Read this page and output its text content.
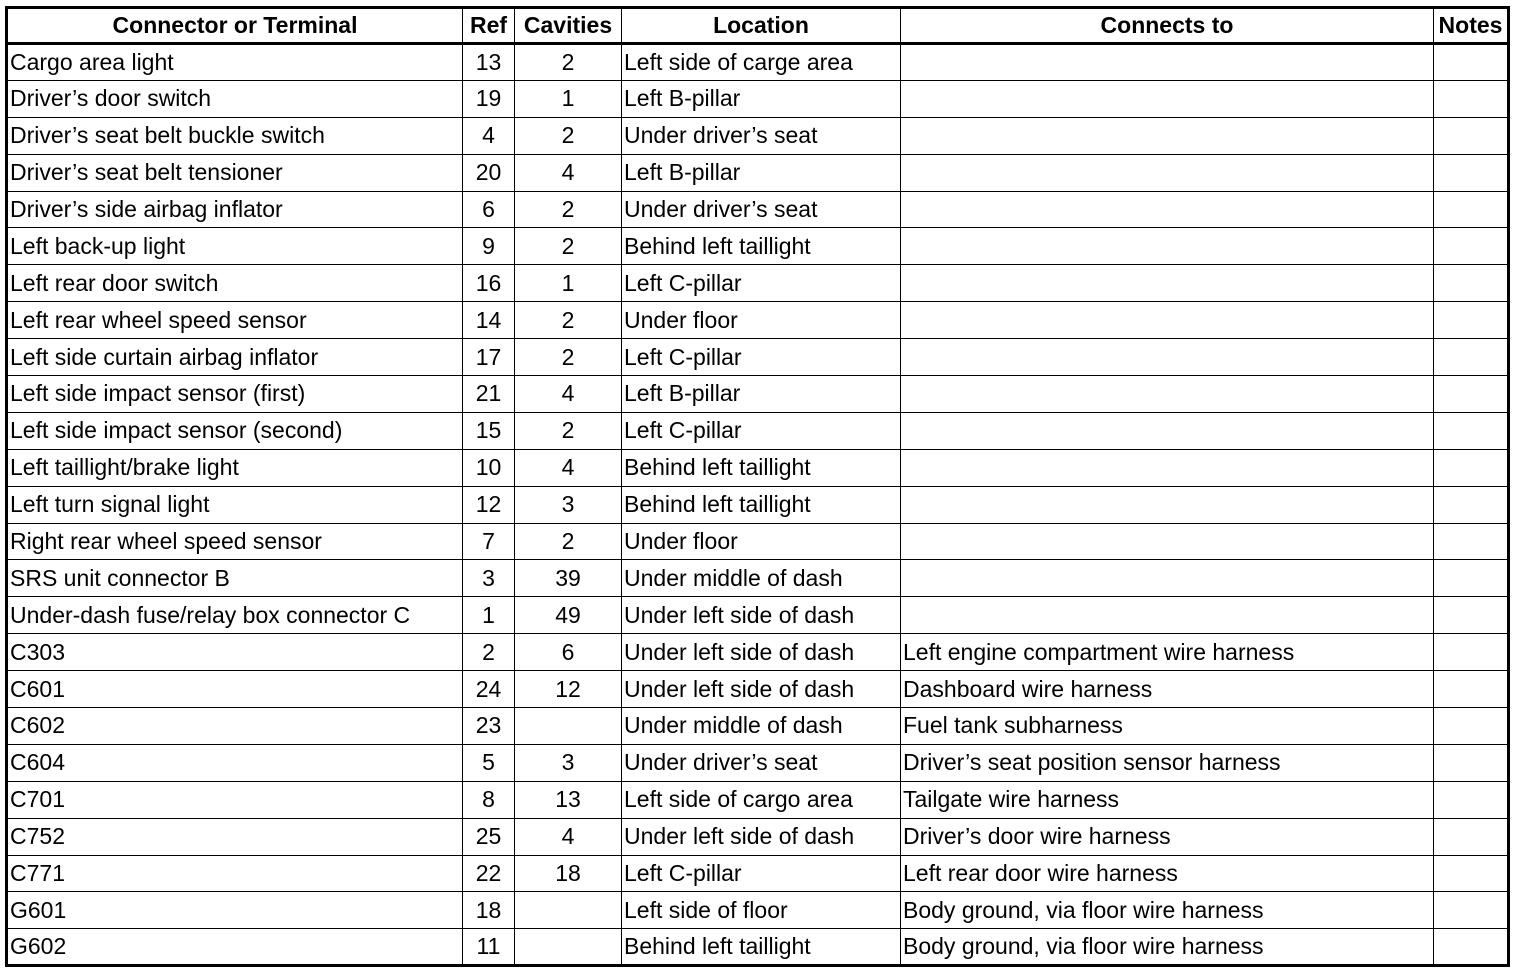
Connector or Terminal	Ref	Cavities	Location	Connects to	Notes
Cargo area light	13	2	Left side of carge area		
Driver’s door switch	19	1	Left B-pillar		
Driver’s seat belt buckle switch	4	2	Under driver’s seat		
Driver’s seat belt tensioner	20	4	Left B-pillar		
Driver’s side airbag inflator	6	2	Under driver’s seat		
Left back-up light	9	2	Behind left taillight		
Left rear door switch	16	1	Left C-pillar		
Left rear wheel speed sensor	14	2	Under floor		
Left side curtain airbag inflator	17	2	Left C-pillar		
Left side impact sensor (first)	21	4	Left B-pillar		
Left side impact sensor (second)	15	2	Left C-pillar		
Left taillight/brake light	10	4	Behind left taillight		
Left turn signal light	12	3	Behind left taillight		
Right rear wheel speed sensor	7	2	Under floor		
SRS unit connector B	3	39	Under middle of dash		
Under-dash fuse/relay box connector C	1	49	Under left side of dash		
C303	2	6	Under left side of dash	Left engine compartment wire harness	
C601	24	12	Under left side of dash	Dashboard wire harness	
C602	23		Under middle of dash	Fuel tank subharness	
C604	5	3	Under driver’s seat	Driver’s seat position sensor harness	
C701	8	13	Left side of cargo area	Tailgate wire harness	
C752	25	4	Under left side of dash	Driver’s door wire harness	
C771	22	18	Left C-pillar	Left rear door wire harness	
G601	18		Left side of floor	Body ground, via floor wire harness	
G602	11		Behind left taillight	Body ground, via floor wire harness	
